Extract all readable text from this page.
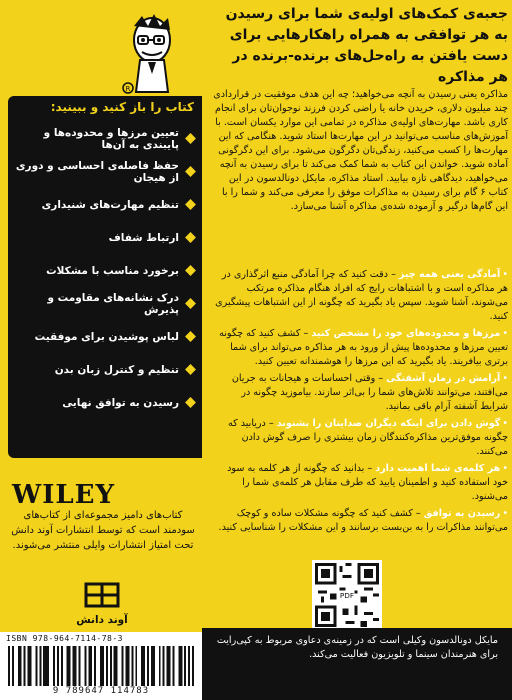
R
کتاب را باز کنید و ببینید:
تعیین مرزها و محدوده‌ها و پایبندی به آن‌ها
حفظ فاصله‌ی احساسی و دوری از هیجان
تنظیم مهارت‌های شنیداری
ارتباط شفاف
برخورد مناسب با مشکلات
درک نشانه‌های مقاومت و پذیرش
لباس پوشیدن برای موفقیت
تنظیم و کنترل زبان بدن
رسیدن به توافق نهایی
WILEY
کتاب‌های دامیز مجموعه‌ای از کتاب‌های سودمند است که توسط انتشارات آوند دانش تحت امتیاز انتشارات وایلی منتشر می‌شوند.
آوند دانش
جعبه‌ی کمک‌های اولیه‌ی شما برای رسیدن به هر توافقی به همراه راهکارهایی برای دست یافتن به راه‌حل‌های برنده-برنده در هر مذاکره
مذاکره یعنی رسیدن به آنچه می‌خواهید؛ چه این هدف موفقیت در قراردادی چند میلیون دلاری، خریدن خانه یا راضی کردن فرزند نوجوان‌تان برای انجام کاری باشد. مهارت‌های اولیه‌ی مذاکره در تمامی این موارد یکسان است. با آموزش‌های مناسب می‌توانید در این مهارت‌ها استاد شوید. هنگامی که این مهارت‌ها را کسب می‌کنید، زندگی‌تان دگرگون می‌شود. برای این دگرگونی آماده شوید. خواندن این کتاب به شما کمک می‌کند تا برای رسیدن به آنچه می‌خواهید، دیدگاهی تازه بیابید. استاد مذاکره، مایکل دونالدسون در این کتاب ۶ گام برای رسیدن به مذاکرات موفق را معرفی می‌کند و شما را با این گام‌ها درگیر و آزموده شده‌ی مذاکره آشنا می‌سازد.
•آمادگی یعنی همه چیز – دقت کنید که چرا آمادگی منبع اثرگذاری در هر مذاکره است و با اشتباهات رایج که افراد هنگام مذاکره مرتکب می‌شوند، آشنا شوید. سپس یاد بگیرید که چگونه از این اشتباهات پیشگیری کنید.
•مرزها و محدوده‌های خود را مشخص کنید – کشف کنید که چگونه تعیین مرزها و محدوده‌ها پیش از ورود به هر مذاکره می‌تواند برای شما برتری بیافریند. یاد بگیرید که این مرزها را هوشمندانه تعیین کنید.
•آرامش در زمان آشفتگی – وقتی احساسات و هیجانات به جریان می‌افتند، می‌توانند تلاش‌های شما را بی‌اثر سازند. بیاموزید چگونه در شرایط آشفته آرام باقی بمانید.
•گوش دادن برای اینکه دیگران صدایتان را بشنوند – دریابید که چگونه موفق‌ترین مذاکره‌کنندگان زمان بیشتری را صرف گوش دادن می‌کنند.
•هر کلمه‌ی شما اهمیت دارد – بدانید که چگونه از هر کلمه به سود خود استفاده کنید و اطمینان یابید که طرف مقابل هر کلمه‌ی شما را می‌شنود.
•رسیدن به توافق – کشف کنید که چگونه مشکلات ساده و کوچک می‌توانند مذاکرات را به بن‌بست برسانند و این مشکلات را شناسایی کنید.
PDF
مایکل دونالدسون وکیلی است که در زمینه‌ی دعاوی مربوط به کپی‌رایت برای هنرمندان سینما و تلویزیون فعالیت می‌کند.
ISBN 978-964-7114-78-3
9 789647 114783
